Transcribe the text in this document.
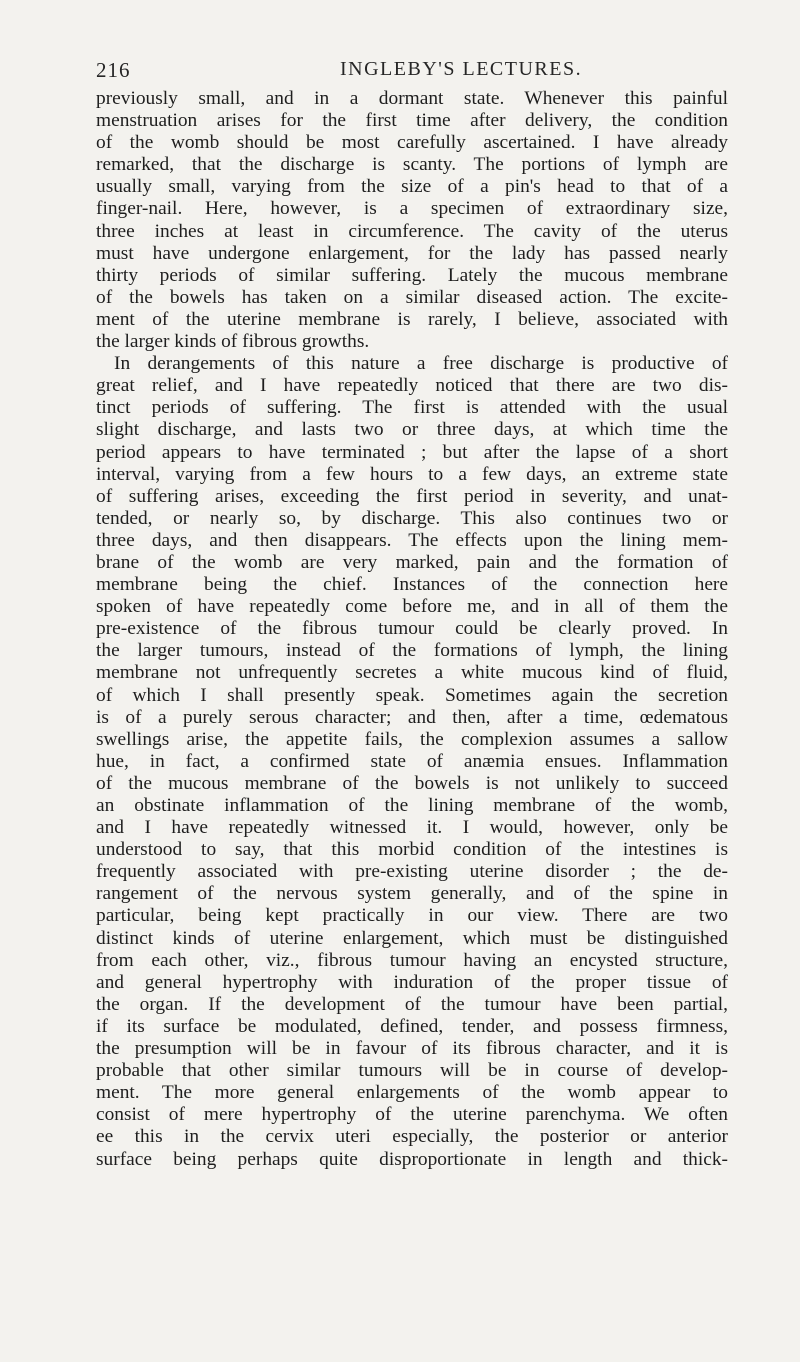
216	INGLEBY'S LECTURES.
previously small, and in a dormant state. Whenever this painful
menstruation arises for the first time after delivery, the condition
of the womb should be most carefully ascertained. I have already
remarked, that the discharge is scanty. The portions of lymph are
usually small, varying from the size of a pin's head to that of a
finger-nail. Here, however, is a specimen of extraordinary size,
three inches at least in circumference. The cavity of the uterus
must have undergone enlargement, for the lady has passed nearly
thirty periods of similar suffering. Lately the mucous membrane
of the bowels has taken on a similar diseased action. The excite-
ment of the uterine membrane is rarely, I believe, associated with
the larger kinds of fibrous growths.
In derangements of this nature a free discharge is productive of
great relief, and I have repeatedly noticed that there are two dis-
tinct periods of suffering. The first is attended with the usual
slight discharge, and lasts two or three days, at which time the
period appears to have terminated ; but after the lapse of a short
interval, varying from a few hours to a few days, an extreme state
of suffering arises, exceeding the first period in severity, and unat-
tended, or nearly so, by discharge. This also continues two or
three days, and then disappears. The effects upon the lining mem-
brane of the womb are very marked, pain and the formation of
membrane being the chief. Instances of the connection here
spoken of have repeatedly come before me, and in all of them the
pre-existence of the fibrous tumour could be clearly proved. In
the larger tumours, instead of the formations of lymph, the lining
membrane not unfrequently secretes a white mucous kind of fluid,
of which I shall presently speak. Sometimes again the secretion
is of a purely serous character; and then, after a time, œdematous
swellings arise, the appetite fails, the complexion assumes a sallow
hue, in fact, a confirmed state of anæmia ensues. Inflammation
of the mucous membrane of the bowels is not unlikely to succeed
an obstinate inflammation of the lining membrane of the womb,
and I have repeatedly witnessed it. I would, however, only be
understood to say, that this morbid condition of the intestines is
frequently associated with pre-existing uterine disorder ; the de-
rangement of the nervous system generally, and of the spine in
particular, being kept practically in our view. There are two
distinct kinds of uterine enlargement, which must be distinguished
from each other, viz., fibrous tumour having an encysted structure,
and general hypertrophy with induration of the proper tissue of
the organ. If the development of the tumour have been partial,
if its surface be modulated, defined, tender, and possess firmness,
the presumption will be in favour of its fibrous character, and it is
probable that other similar tumours will be in course of develop-
ment. The more general enlargements of the womb appear to
consist of mere hypertrophy of the uterine parenchyma. We often
ee this in the cervix uteri especially, the posterior or anterior
surface being perhaps quite disproportionate in length and thick-
